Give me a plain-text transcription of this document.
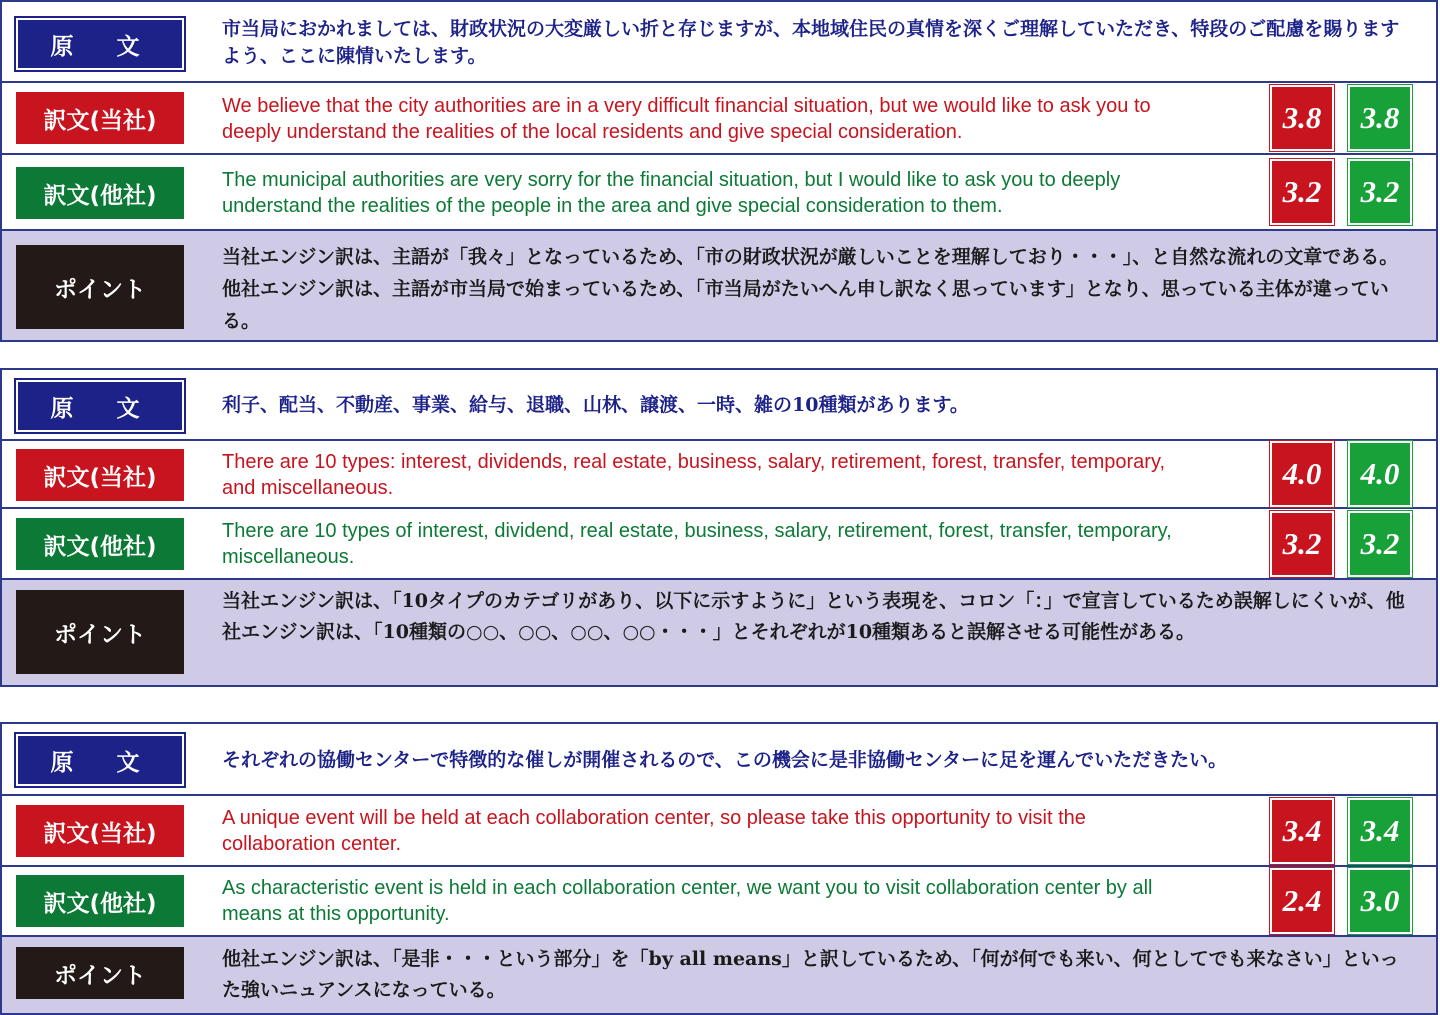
原　文
市当局におかれましては、財政状況の大変厳しい折と存じますが、本地域住民の真情を深くご理解していただき、特段のご配慮を賜りますよう、ここに陳情いたします。
訳文(当社)
We believe that the city authorities are in a very difficult financial situation, but we would like to ask you to deeply understand the realities of the local residents and give special consideration.	3.8	3.8
訳文(他社)
The municipal authorities are very sorry for the financial situation, but I would like to ask you to deeply understand the realities of the people in the area and give special consideration to them.	3.2	3.2
ポイント
当社エンジン訳は、主語が「我々」となっているため、「市の財政状況が厳しいことを理解しており・・・」、と自然な流れの文章である。他社エンジン訳は、主語が市当局で始まっているため、「市当局がたいへん申し訳なく思っています」となり、思っている主体が違っている。
原　文	利子、配当、不動産、事業、給与、退職、山林、譲渡、一時、雑の10種類があります。
訳文(当社)
There are 10 types: interest, dividends, real estate, business, salary, retirement, forest, transfer, temporary, and miscellaneous.	4.0	4.0
訳文(他社)
There are 10 types of interest, dividend, real estate, business, salary, retirement, forest, transfer, temporary, miscellaneous.	3.2	3.2
ポイント
当社エンジン訳は、「10タイプのカテゴリがあり、以下に示すように」という表現を、コロン「：」で宣言しているため誤解しにくいが、他社エンジン訳は、「10種類の○○、○○、○○、○○・・・」とそれぞれが10種類あると誤解させる可能性がある。
原　文	それぞれの協働センターで特徴的な催しが開催されるので、この機会に是非協働センターに足を運んでいただきたい。
訳文(当社)
A unique event will be held at each collaboration center, so please take this opportunity to visit the collaboration center.	3.4	3.4
訳文(他社)
As characteristic event is held in each collaboration center, we want you to visit collaboration center by all means at this opportunity.	2.4	3.0
ポイント
他社エンジン訳は、「是非・・・という部分」を「by all means」と訳しているため、「何が何でも来い、何としてでも来なさい」といった強いニュアンスになっている。
